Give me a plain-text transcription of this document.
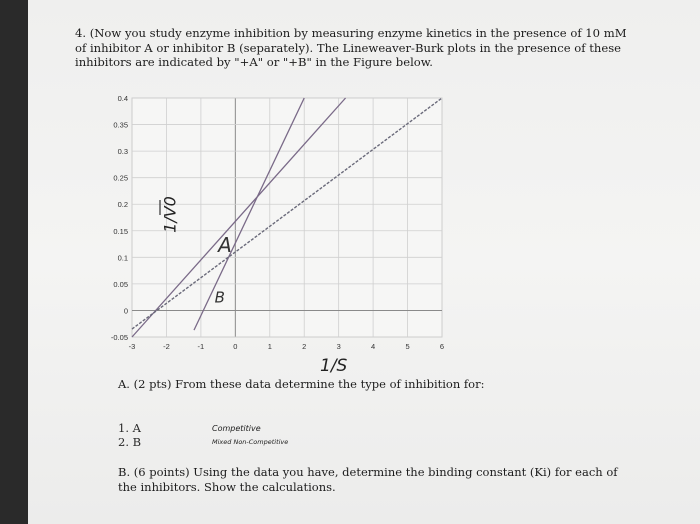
4. (Now you study enzyme inhibition by measuring enzyme kinetics in the presence of 10 mM of inhibitor A or inhibitor B (separately). The Lineweaver-Burk plots in the presence of these inhibitors are indicated by "+A" or "+B" in the Figure below.
-3	-2	-1	0	1	2	3	4	5	6
-0.05
0
0.05
0.1
0.15
0.2
0.25
0.3
0.35
0.4
A
B
1/V0
1/S
A. (2 pts) From these data determine the type of inhibition for:
1. A
2. B
Competitive
Mixed Non-Competitive
B. (6 points) Using the data you have, determine the binding constant (Ki) for each of the inhibitors. Show the calculations.
